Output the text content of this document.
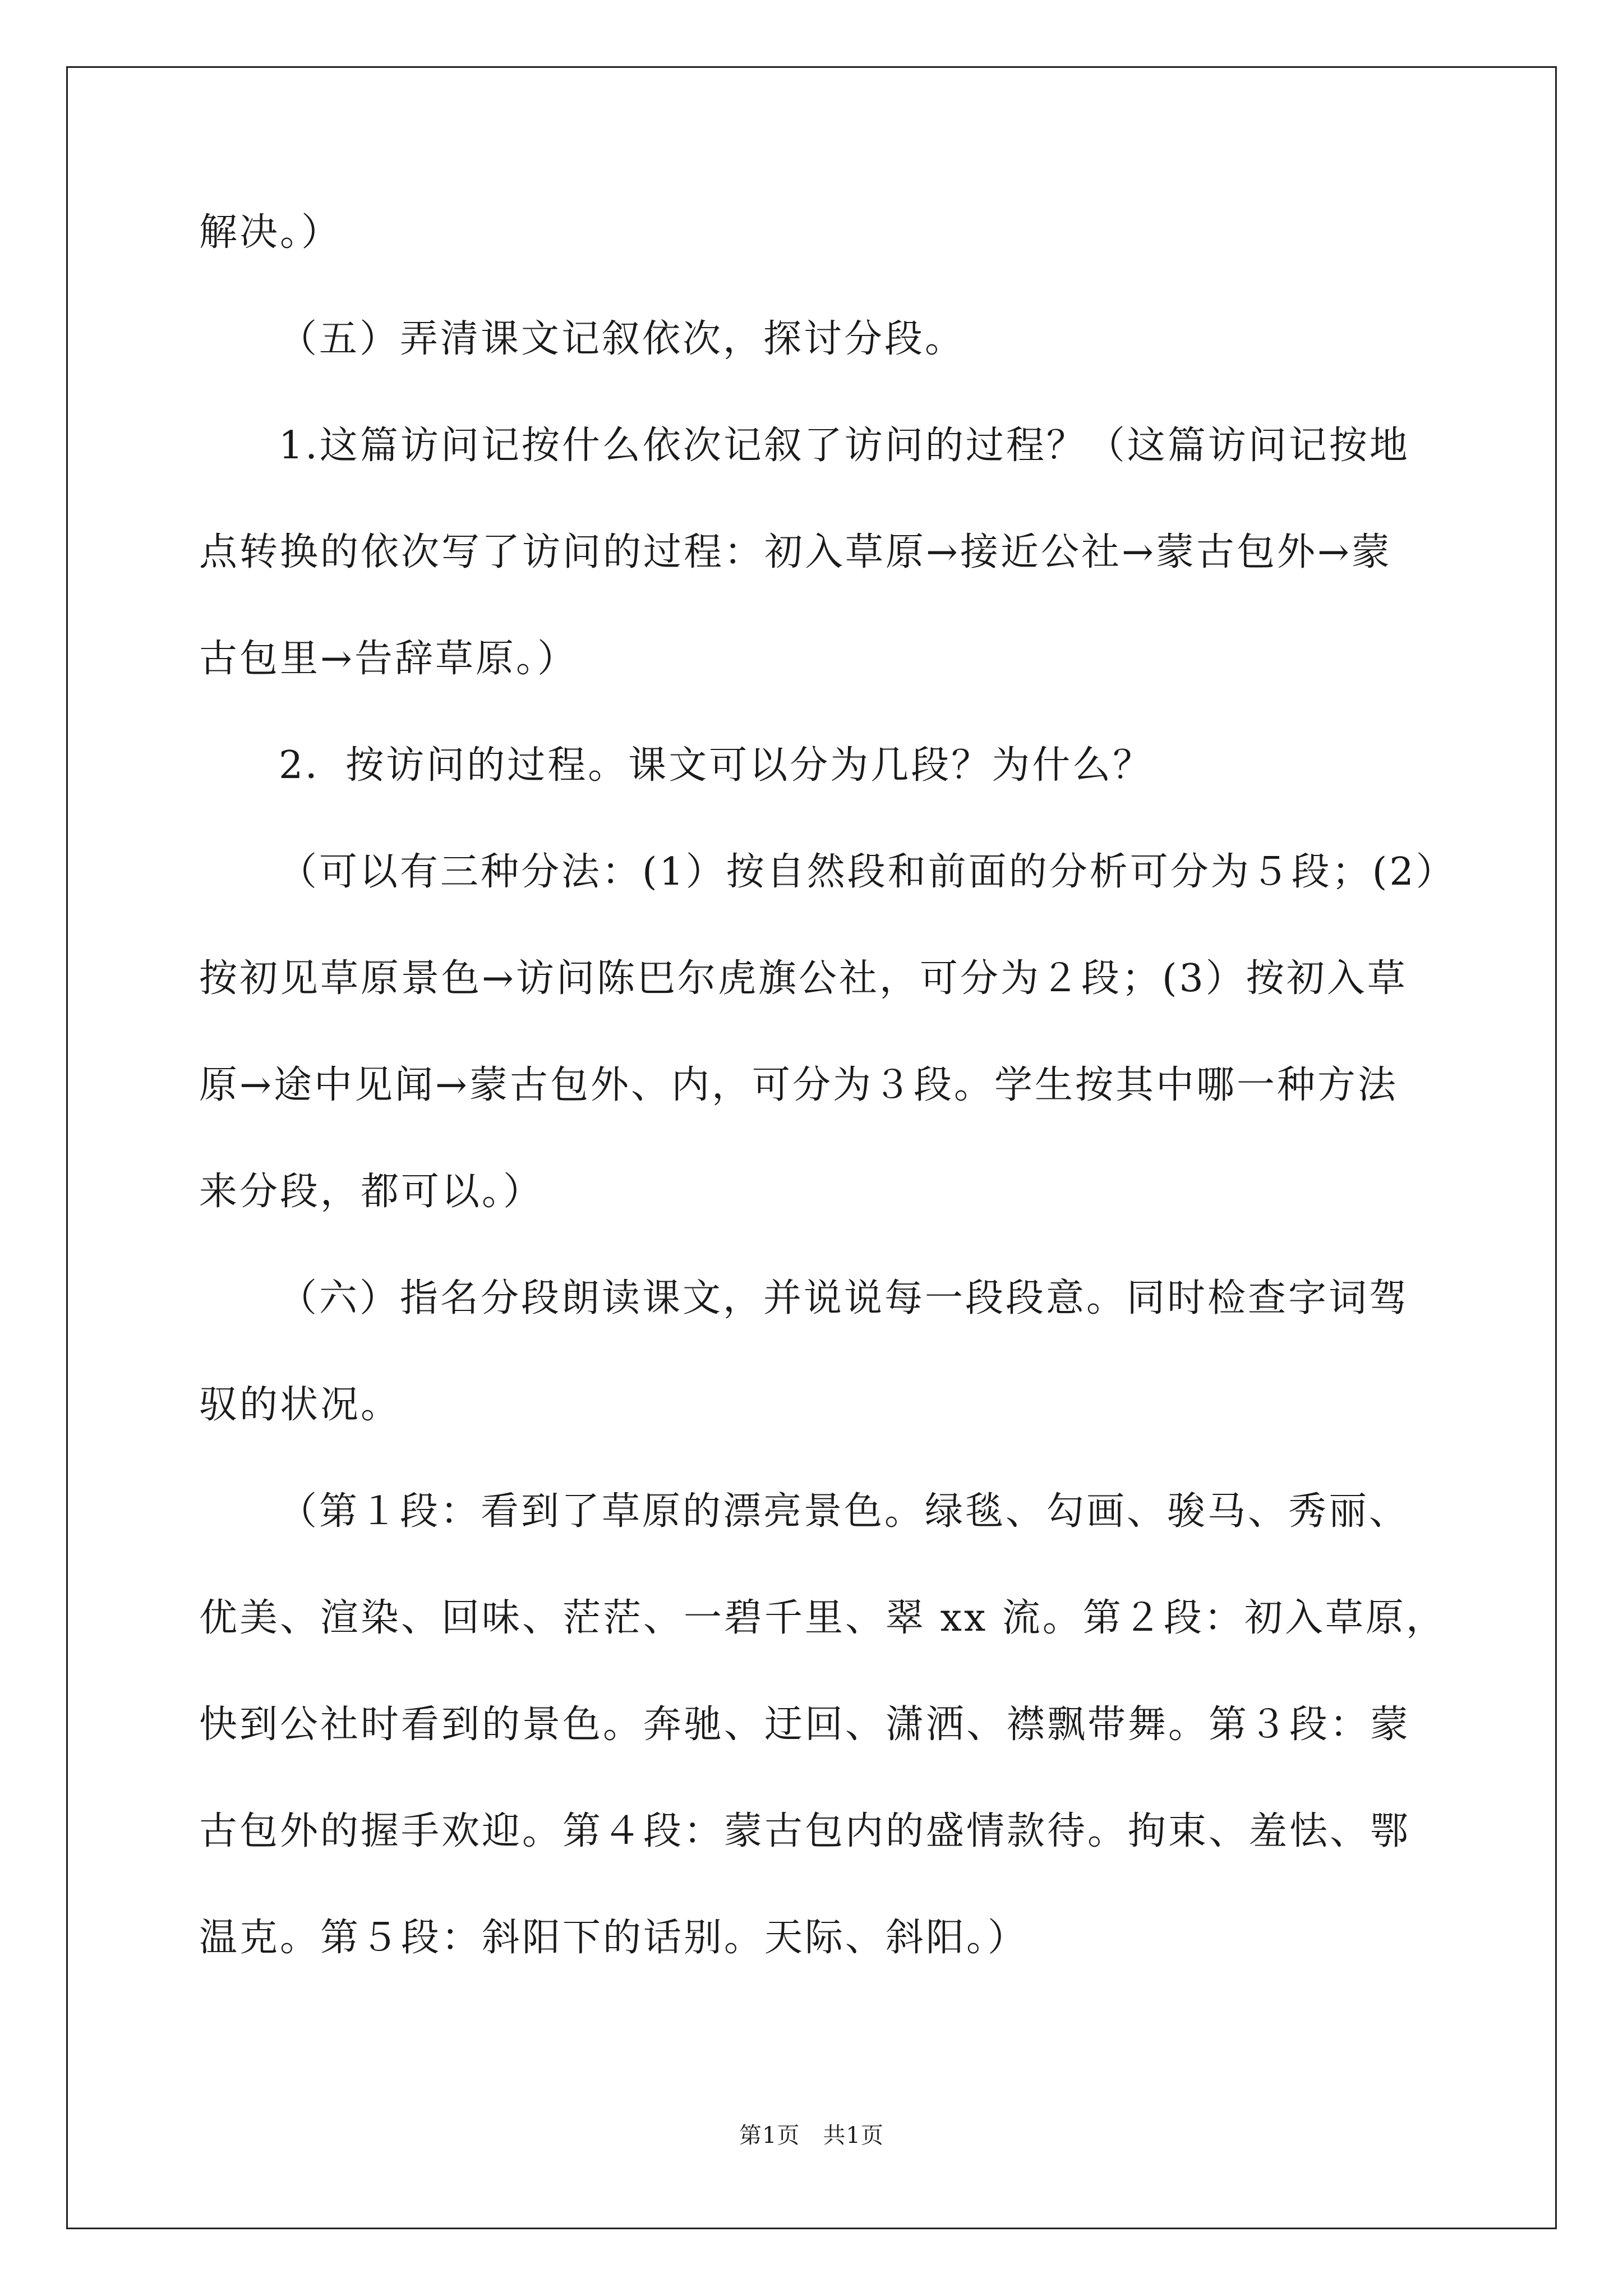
解决。）
（五）弄清课文记叙依次，探讨分段。
1.这篇访问记按什么依次记叙了访问的过程？（这篇访问记按地
点转换的依次写了访问的过程：初入草原→接近公社→蒙古包外→蒙
古包里→告辞草原。）
2．按访问的过程。课文可以分为几段？为什么？
（可以有三种分法：(1）按自然段和前面的分析可分为５段；(2）
按初见草原景色→访问陈巴尔虎旗公社，可分为２段；(3）按初入草
原→途中见闻→蒙古包外、内，可分为３段。学生按其中哪一种方法
来分段，都可以。）
（六）指名分段朗读课文，并说说每一段段意。同时检查字词驾
驭的状况。
（第１段：看到了草原的漂亮景色。绿毯、勾画、骏马、秀丽、
优美、渲染、回味、茫茫、一碧千里、翠 xx 流。第２段：初入草原，
快到公社时看到的景色。奔驰、迂回、潇洒、襟飘带舞。第３段：蒙
古包外的握手欢迎。第４段：蒙古包内的盛情款待。拘束、羞怯、鄂
温克。第５段：斜阳下的话别。天际、斜阳。）
第1页　共1页
